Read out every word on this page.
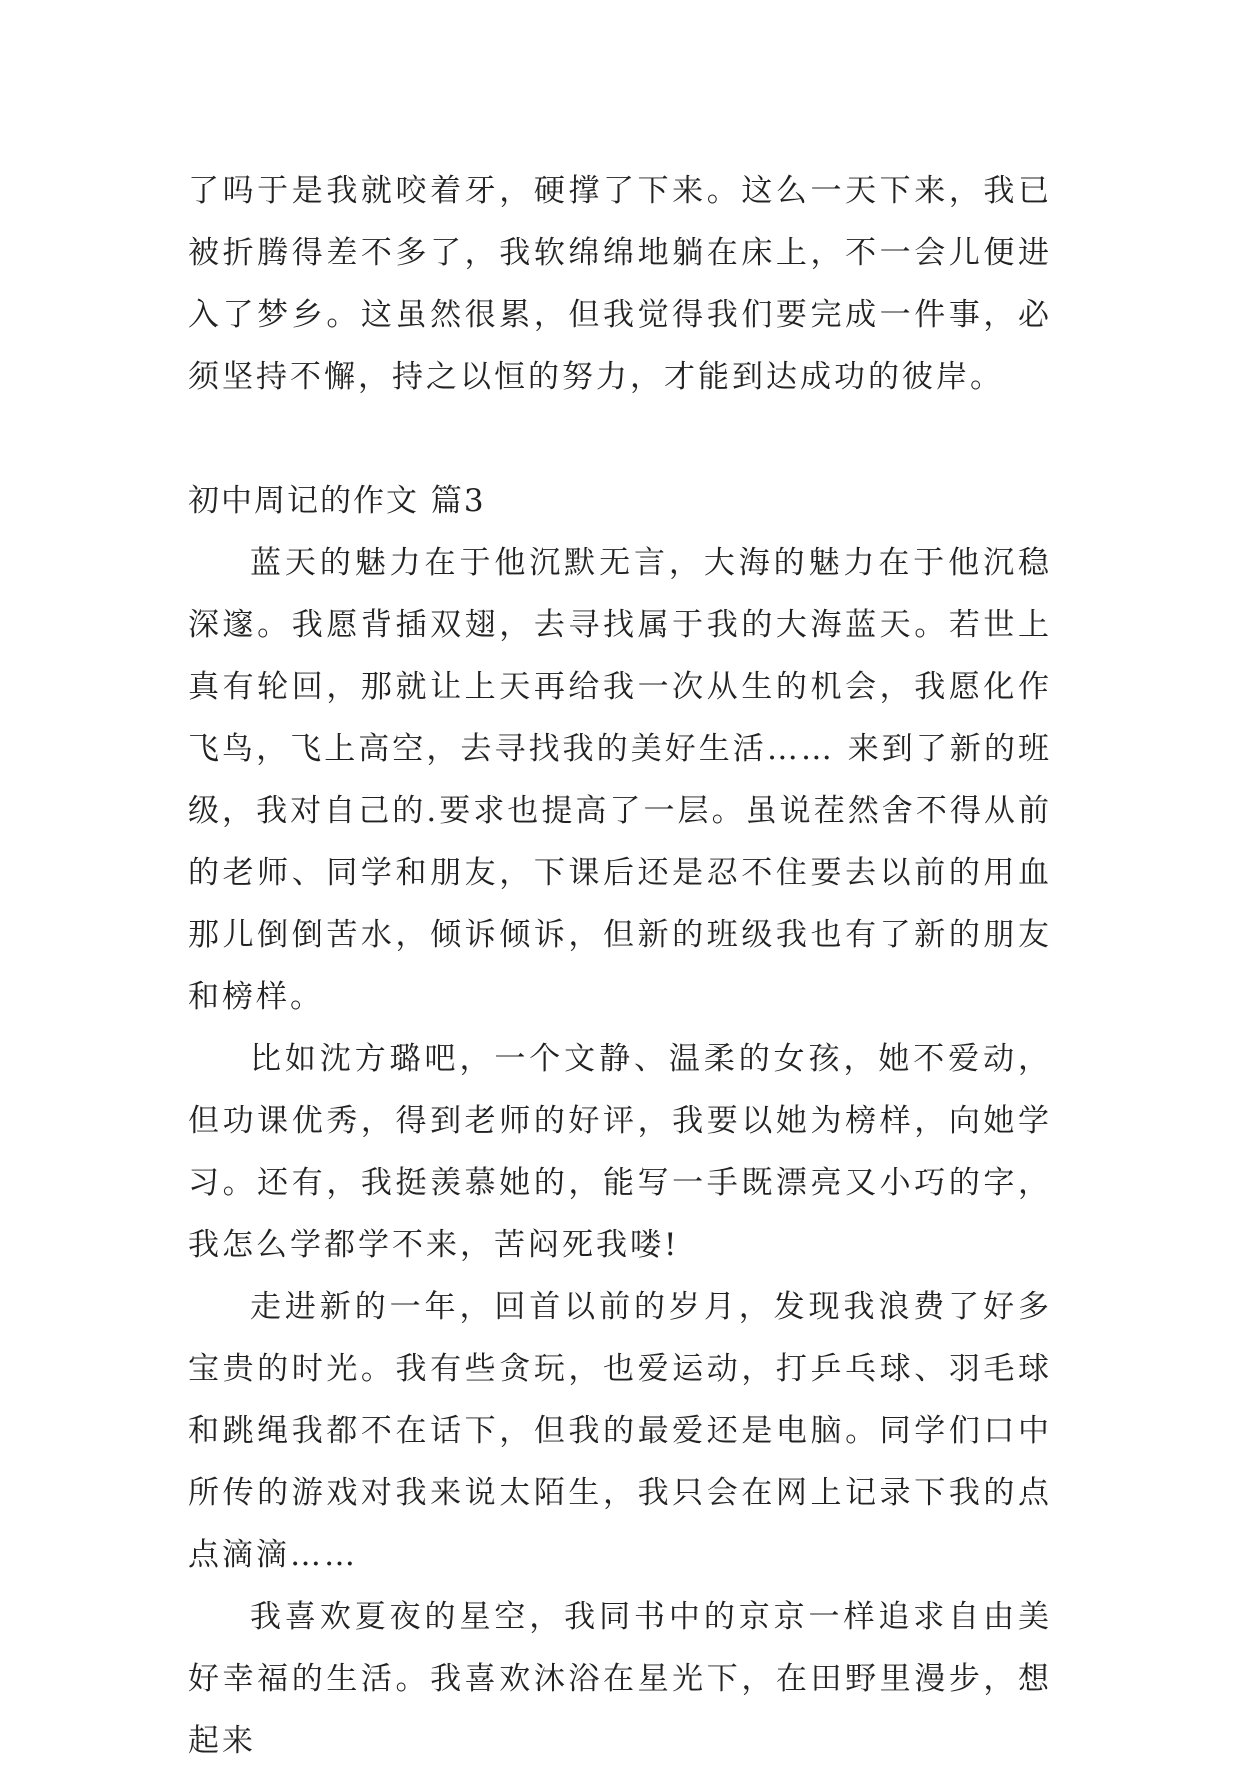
了吗于是我就咬着牙，硬撑了下来。这么一天下来，我已被折腾得差不多了，我软绵绵地躺在床上，不一会儿便进入了梦乡。这虽然很累，但我觉得我们要完成一件事，必须坚持不懈，持之以恒的努力，才能到达成功的彼岸。

初中周记的作文 篇3

蓝天的魅力在于他沉默无言，大海的魅力在于他沉稳深邃。我愿背插双翅，去寻找属于我的大海蓝天。若世上真有轮回，那就让上天再给我一次从生的机会，我愿化作飞鸟，飞上高空，去寻找我的美好生活…… 来到了新的班级，我对自己的.要求也提高了一层。虽说茬然舍不得从前的老师、同学和朋友，下课后还是忍不住要去以前的用血那儿倒倒苦水，倾诉倾诉，但新的班级我也有了新的朋友和榜样。

比如沈方璐吧，一个文静、温柔的女孩，她不爱动，但功课优秀，得到老师的好评，我要以她为榜样，向她学习。还有，我挺羡慕她的，能写一手既漂亮又小巧的字，我怎么学都学不来，苦闷死我喽!

走进新的一年，回首以前的岁月，发现我浪费了好多宝贵的时光。我有些贪玩，也爱运动，打乒乓球、羽毛球和跳绳我都不在话下，但我的最爱还是电脑。同学们口中所传的游戏对我来说太陌生，我只会在网上记录下我的点点滴滴……

我喜欢夏夜的星空，我同书中的京京一样追求自由美好幸福的生活。我喜欢沐浴在星光下，在田野里漫步，想起来
